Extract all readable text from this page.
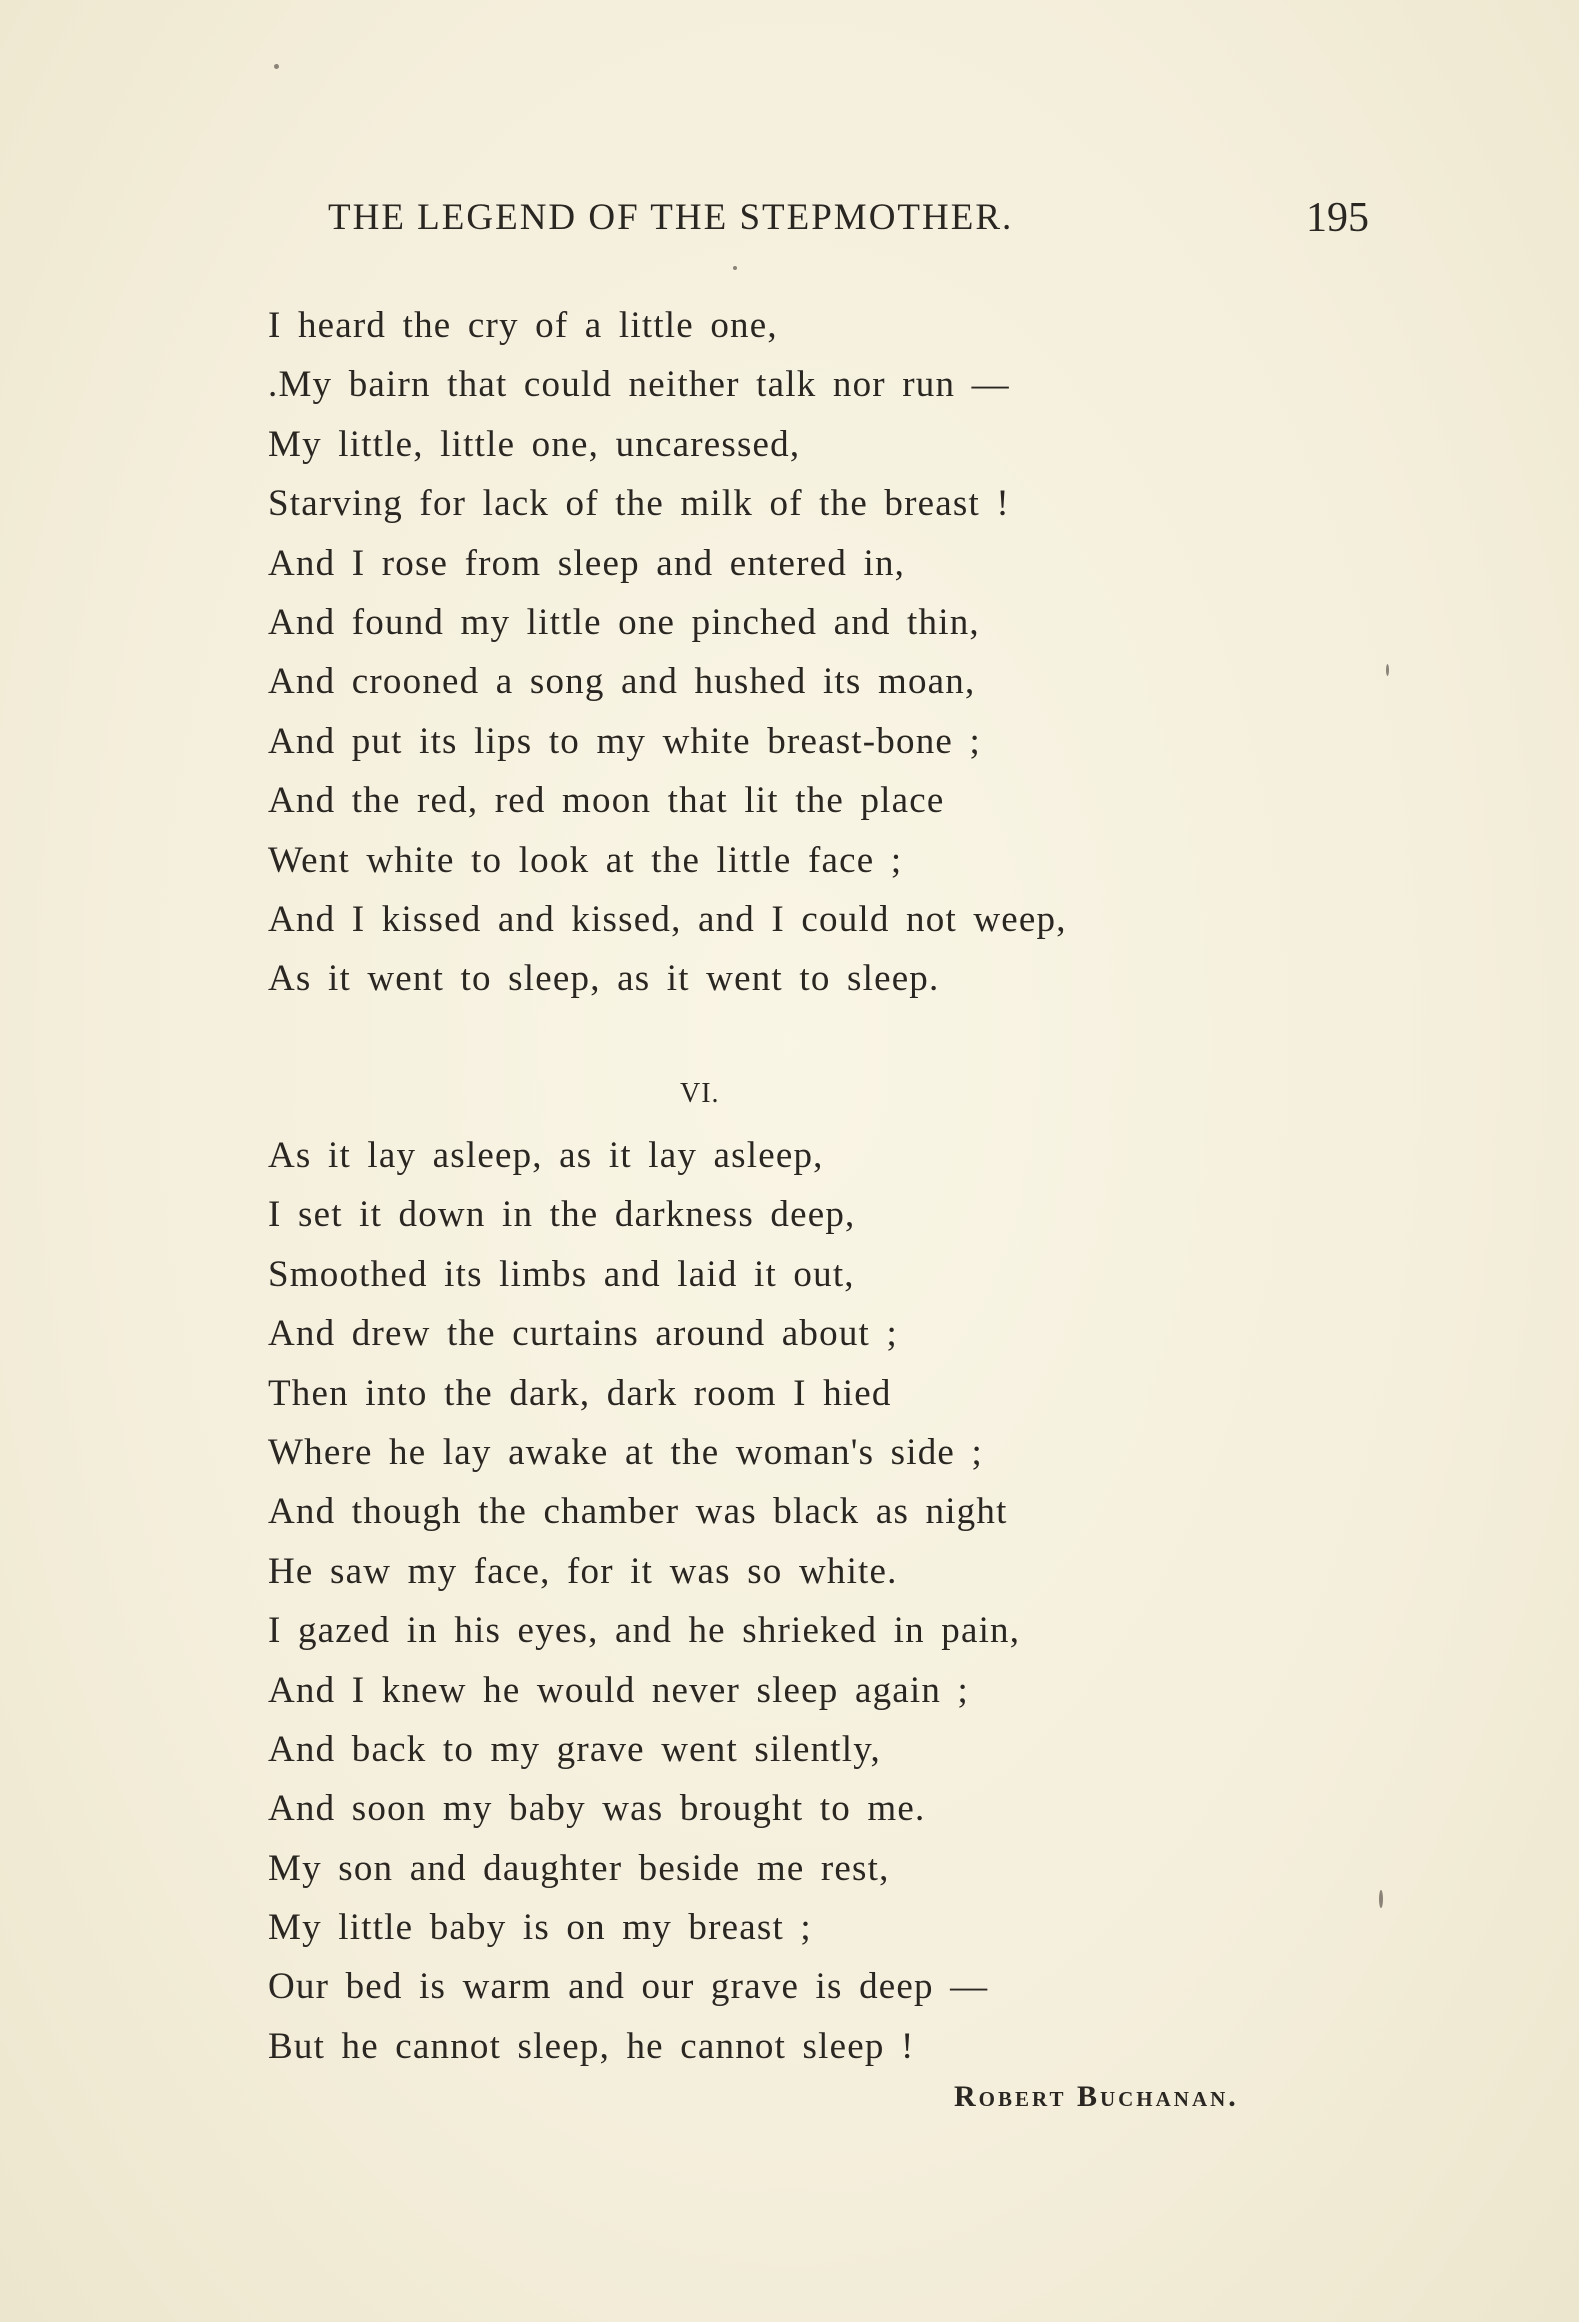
THE LEGEND OF THE STEPMOTHER.	195
I heard the cry of a little one,
.My bairn that could neither talk nor run —
My little, little one, uncaressed,
Starving for lack of the milk of the breast !
And I rose from sleep and entered in,
And found my little one pinched and thin,
And crooned a song and hushed its moan,
And put its lips to my white breast-bone ;
And the red, red moon that lit the place
Went white to look at the little face ;
And I kissed and kissed, and I could not weep,
As it went to sleep, as it went to sleep.
VI.
As it lay asleep, as it lay asleep,
I set it down in the darkness deep,
Smoothed its limbs and laid it out,
And drew the curtains around about ;
Then into the dark, dark room I hied
Where he lay awake at the woman's side ;
And though the chamber was black as night
He saw my face, for it was so white.
I gazed in his eyes, and he shrieked in pain,
And I knew he would never sleep again ;
And back to my grave went silently,
And soon my baby was brought to me.
My son and daughter beside me rest,
My little baby is on my breast ;
Our bed is warm and our grave is deep —
But he cannot sleep, he cannot sleep !
Robert Buchanan.
